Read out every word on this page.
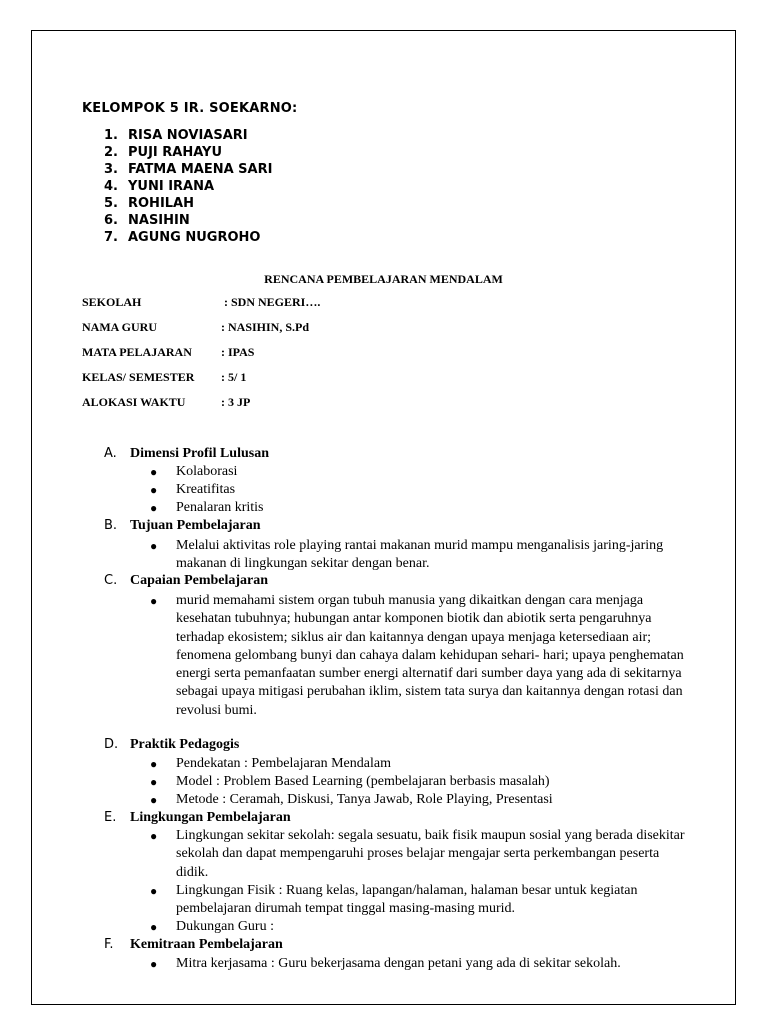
KELOMPOK 5 IR. SOEKARNO:
1. RISA NOVIASARI
2. PUJI RAHAYU
3. FATMA MAENA SARI
4. YUNI IRANA
5. ROHILAH
6. NASIHIN
7. AGUNG NUGROHO
RENCANA PEMBELAJARAN MENDALAM
SEKOLAH	: SDN NEGERI….
NAMA GURU	: NASIHIN, S.Pd
MATA PELAJARAN : IPAS
KELAS/ SEMESTER : 5/ 1
ALOKASI WAKTU	: 3 JP
A. Dimensi Profil Lulusan
● Kolaborasi
● Kreatifitas
● Penalaran kritis
B. Tujuan Pembelajaran
● Melalui aktivitas role playing rantai makanan murid mampu menganalisis jaring-jaring makanan di lingkungan sekitar dengan benar.
C. Capaian Pembelajaran
● murid memahami sistem organ tubuh manusia yang dikaitkan dengan cara menjaga kesehatan tubuhnya; hubungan antar komponen biotik dan abiotik serta pengaruhnya terhadap ekosistem; siklus air dan kaitannya dengan upaya menjaga ketersediaan air; fenomena gelombang bunyi dan cahaya dalam kehidupan sehari- hari; upaya penghematan energi serta pemanfaatan sumber energi alternatif dari sumber daya yang ada di sekitarnya sebagai upaya mitigasi perubahan iklim, sistem tata surya dan kaitannya dengan rotasi dan revolusi bumi.
D. Praktik Pedagogis
● Pendekatan : Pembelajaran Mendalam
● Model : Problem Based Learning (pembelajaran berbasis masalah)
● Metode : Ceramah, Diskusi, Tanya Jawab, Role Playing, Presentasi
E. Lingkungan Pembelajaran
● Lingkungan sekitar sekolah: segala sesuatu, baik fisik maupun sosial yang berada disekitar sekolah dan dapat mempengaruhi proses belajar mengajar serta perkembangan peserta didik.
● Lingkungan Fisik : Ruang kelas, lapangan/halaman, halaman besar untuk kegiatan pembelajaran dirumah tempat tinggal masing-masing murid.
● Dukungan Guru :
F. Kemitraan Pembelajaran
● Mitra kerjasama : Guru bekerjasama dengan petani yang ada di sekitar sekolah.
